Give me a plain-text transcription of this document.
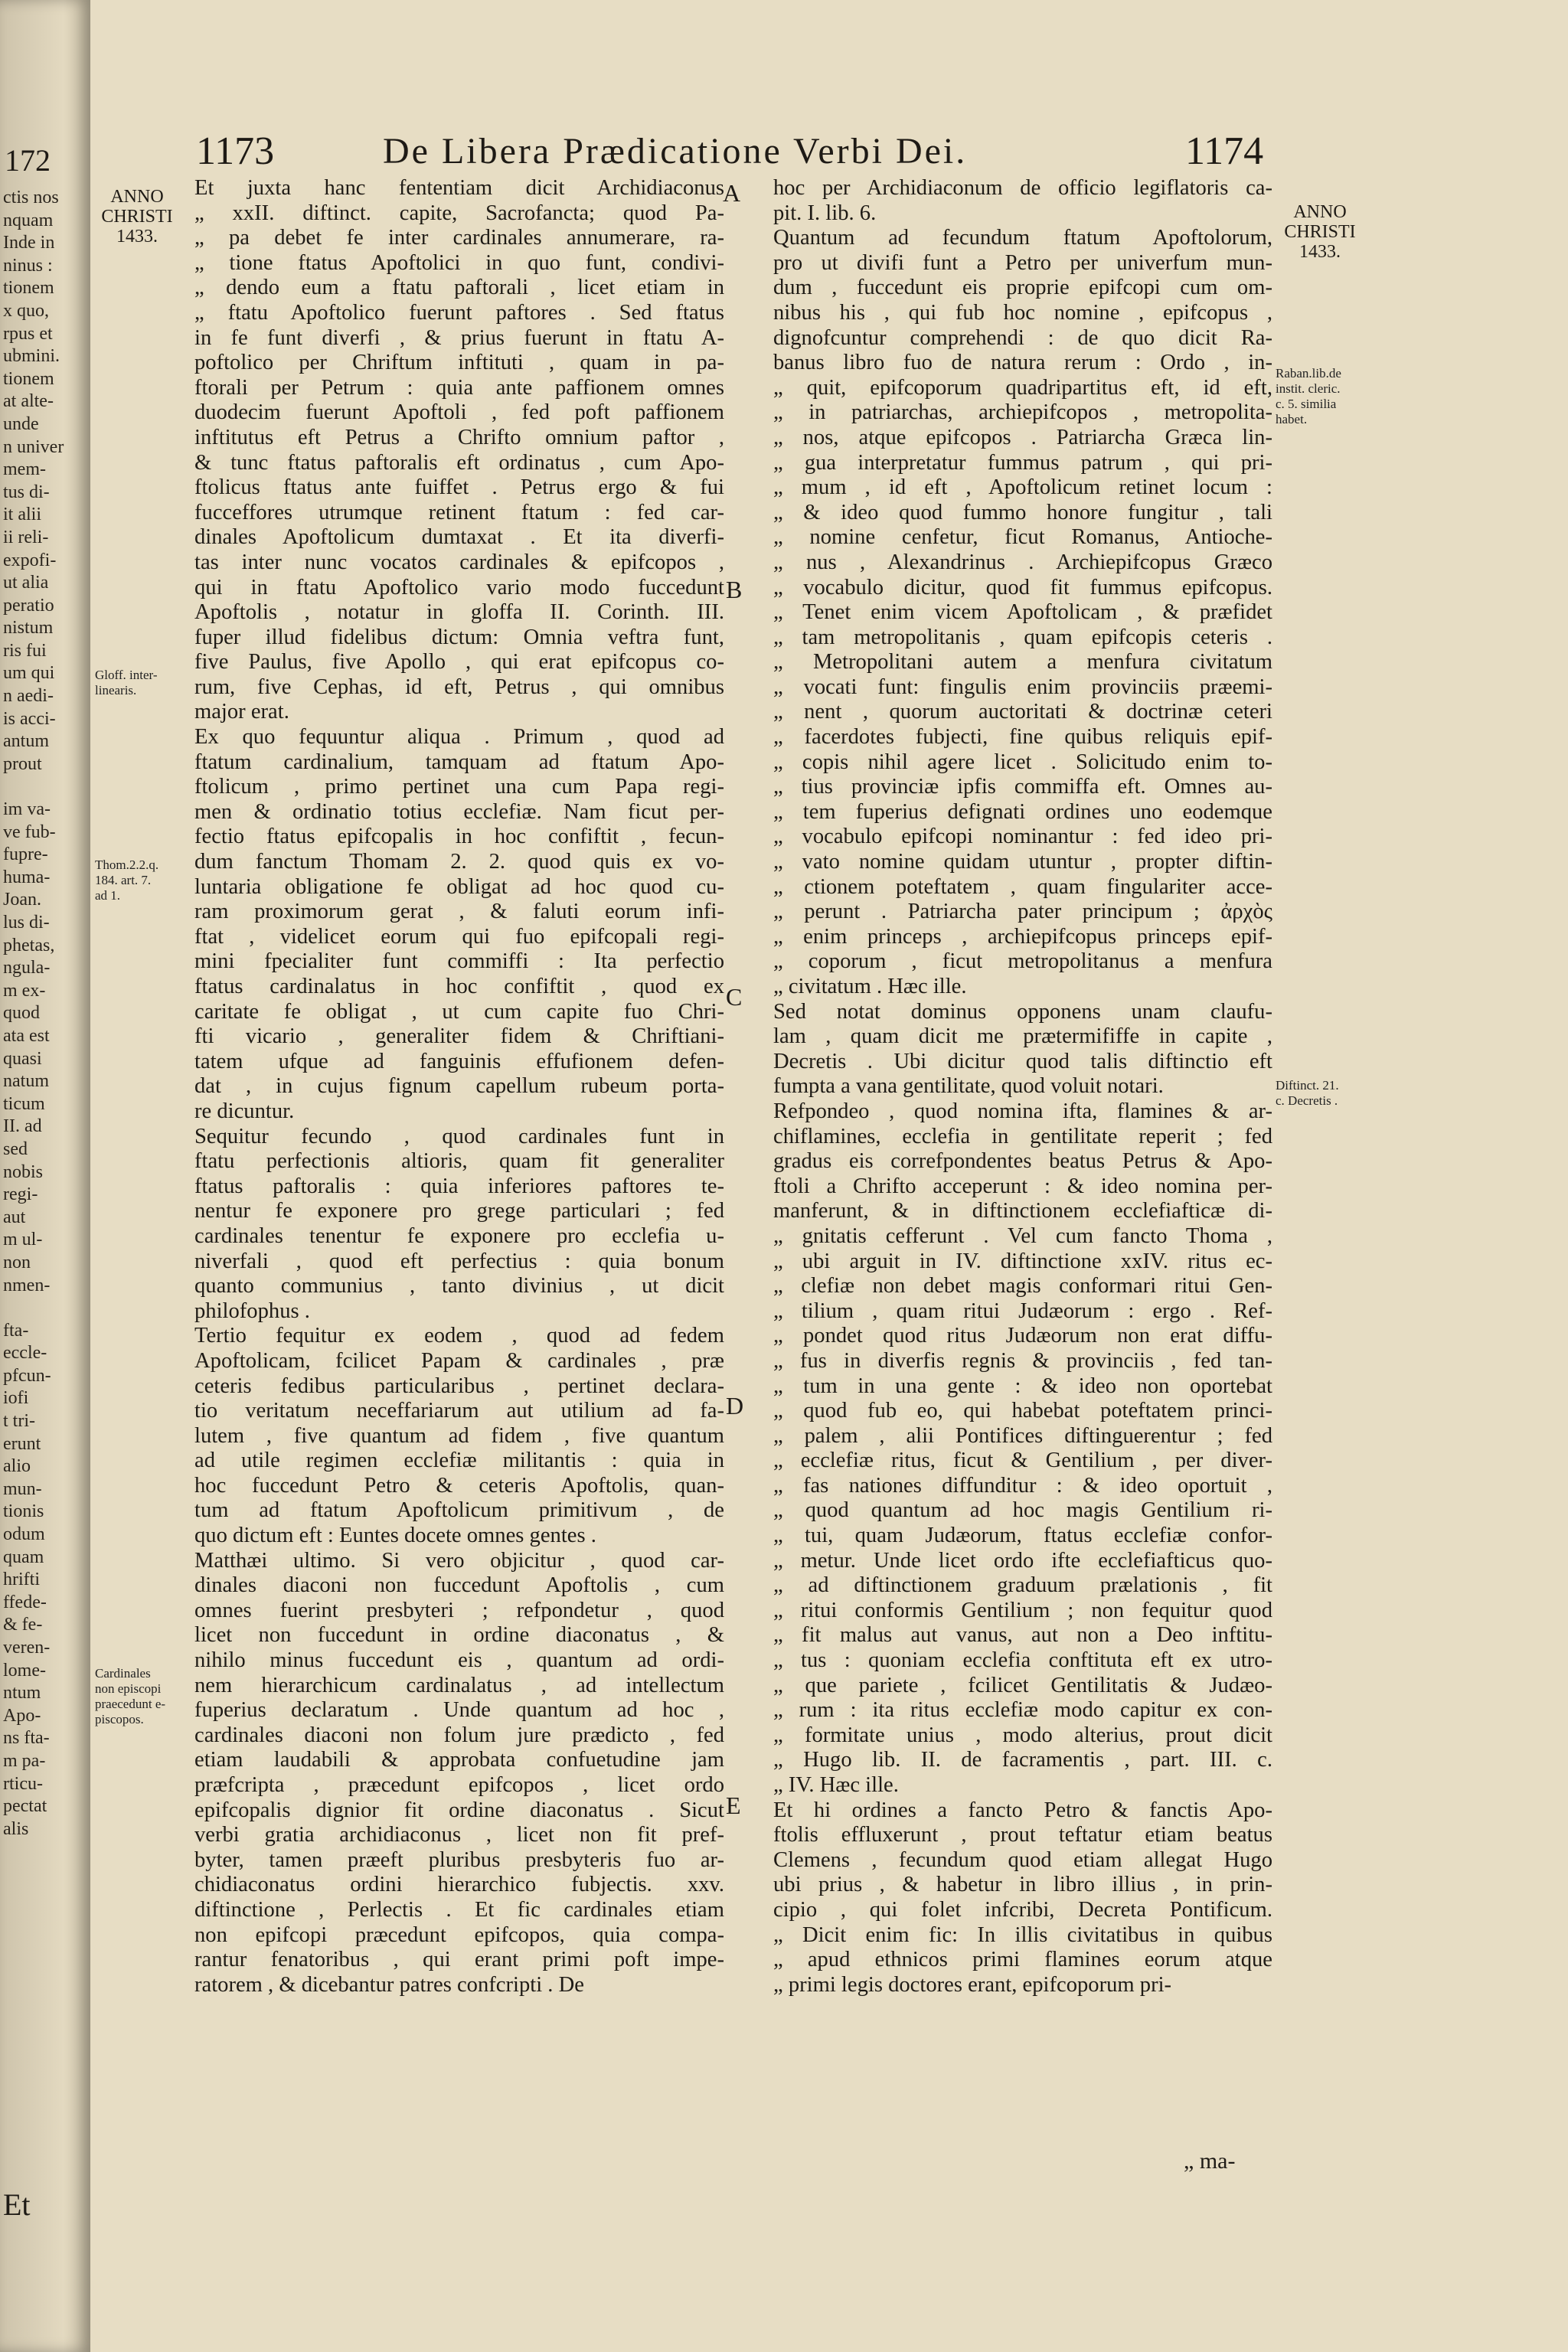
172
ctis nos
nquam
Inde in
ninus :
tionem
x quo,
rpus et
ubmini.
tionem
at alte-
unde
n univer
mem-
tus di-
it alii
ii reli-
expofi-
ut alia
peratio
nistum
ris fui
um qui
n aedi-
is acci-
antum
prout
im va-
ve fub-
fupre-
huma-
Joan.
lus di-
phetas,
ngula-
m ex-
quod
ata est
quasi
natum
ticum
II. ad
sed
nobis
regi-
aut
m ul-
non
nmen-
fta-
eccle-
pfcun-
iofi
t tri-
erunt
alio
mun-
tionis
odum
quam
hrifti
ffede-
& fe-
veren-
lome-
ntum
Apo-
ns fta-
m pa-
rticu-
pectat
alis
Et
1173	De Libera Prædicatione Verbi Dei.	1174
ANNO
CHRISTI
1433.
ANNO
CHRISTI
1433.
Gloff. inter-
linearis.
Thom.2.2.q.
184. art. 7.
ad 1.
Cardinales
non episcopi
praecedunt e-
piscopos.
Raban.lib.de
instit. cleric.
c. 5. similia
habet.
Diftinct. 21.
c. Decretis .
A
B
C
D
E
Et juxta hanc fententiam dicit Archidiaconus
„ xxII. diftinct. capite, Sacrofancta; quod Pa-
„ pa debet fe inter cardinales annumerare, ra-
„ tione ftatus Apoftolici in quo funt, condivi-
„ dendo eum a ftatu paftorali , licet etiam in
„ ftatu Apoftolico fuerunt paftores . Sed ftatus
in fe funt diverfi , & prius fuerunt in ftatu A-
poftolico per Chriftum inftituti , quam in pa-
ftorali per Petrum : quia ante paffionem omnes
duodecim fuerunt Apoftoli , fed poft paffionem
inftitutus eft Petrus a Chrifto omnium paftor ,
& tunc ftatus paftoralis eft ordinatus , cum Apo-
ftolicus ftatus ante fuiffet . Petrus ergo & fui
fucceffores utrumque retinent ftatum : fed car-
dinales Apoftolicum dumtaxat . Et ita diverfi-
tas inter nunc vocatos cardinales & epifcopos ,
qui in ftatu Apoftolico vario modo fuccedunt
Apoftolis , notatur in gloffa II. Corinth. III.
fuper illud fidelibus dictum: Omnia veftra funt,
five Paulus, five Apollo , qui erat epifcopus co-
rum, five Cephas, id eft, Petrus , qui omnibus
major erat.
Ex quo fequuntur aliqua . Primum , quod ad
ftatum cardinalium, tamquam ad ftatum Apo-
ftolicum , primo pertinet una cum Papa regi-
men & ordinatio totius ecclefiæ. Nam ficut per-
fectio ftatus epifcopalis in hoc confiftit , fecun-
dum fanctum Thomam 2. 2. quod quis ex vo-
luntaria obligatione fe obligat ad hoc quod cu-
ram proximorum gerat , & faluti eorum infi-
ftat , videlicet eorum qui fuo epifcopali regi-
mini fpecialiter funt commiffi : Ita perfectio
ftatus cardinalatus in hoc confiftit , quod ex
caritate fe obligat , ut cum capite fuo Chri-
fti vicario , generaliter fidem & Chriftiani-
tatem ufque ad fanguinis effufionem defen-
dat , in cujus fignum capellum rubeum porta-
re dicuntur.
Sequitur fecundo , quod cardinales funt in
ftatu perfectionis altioris, quam fit generaliter
ftatus paftoralis : quia inferiores paftores te-
nentur fe exponere pro grege particulari ; fed
cardinales tenentur fe exponere pro ecclefia u-
niverfali , quod eft perfectius : quia bonum
quanto communius , tanto divinius , ut dicit
philofophus .
Tertio fequitur ex eodem , quod ad fedem
Apoftolicam, fcilicet Papam & cardinales , præ
ceteris fedibus particularibus , pertinet declara-
tio veritatum neceffariarum aut utilium ad fa-
lutem , five quantum ad fidem , five quantum
ad utile regimen ecclefiæ militantis : quia in
hoc fuccedunt Petro & ceteris Apoftolis, quan-
tum ad ftatum Apoftolicum primitivum , de
quo dictum eft : Euntes docete omnes gentes .
Matthæi ultimo. Si vero objicitur , quod car-
dinales diaconi non fuccedunt Apoftolis , cum
omnes fuerint presbyteri ; refpondetur , quod
licet non fuccedunt in ordine diaconatus , &
nihilo minus fuccedunt eis , quantum ad ordi-
nem hierarchicum cardinalatus , ad intellectum
fuperius declaratum . Unde quantum ad hoc ,
cardinales diaconi non folum jure prædicto , fed
etiam laudabili & approbata confuetudine jam
præfcripta , præcedunt epifcopos , licet ordo
epifcopalis dignior fit ordine diaconatus . Sicut
verbi gratia archidiaconus , licet non fit pref-
byter, tamen præeft pluribus presbyteris fuo ar-
chidiaconatus ordini hierarchico fubjectis. xxv.
diftinctione , Perlectis . Et fic cardinales etiam
non epifcopi præcedunt epifcopos, quia compa-
rantur fenatoribus , qui erant primi poft impe-
ratorem , & dicebantur patres confcripti . De
hoc per Archidiaconum de officio legiflatoris ca-
pit. I. lib. 6.
Quantum ad fecundum ftatum Apoftolorum,
pro ut divifi funt a Petro per univerfum mun-
dum , fuccedunt eis proprie epifcopi cum om-
nibus his , qui fub hoc nomine , epifcopus ,
dignofcuntur comprehendi : de quo dicit Ra-
banus libro fuo de natura rerum : Ordo , in-
„ quit, epifcoporum quadripartitus eft, id eft,
„ in patriarchas, archiepifcopos , metropolita-
„ nos, atque epifcopos . Patriarcha Græca lin-
„ gua interpretatur fummus patrum , qui pri-
„ mum , id eft , Apoftolicum retinet locum :
„ & ideo quod fummo honore fungitur , tali
„ nomine cenfetur, ficut Romanus, Antioche-
„ nus , Alexandrinus . Archiepifcopus Græco
„ vocabulo dicitur, quod fit fummus epifcopus.
„ Tenet enim vicem Apoftolicam , & præfidet
„ tam metropolitanis , quam epifcopis ceteris .
„ Metropolitani autem a menfura civitatum
„ vocati funt: fingulis enim provinciis præemi-
„ nent , quorum auctoritati & doctrinæ ceteri
„ facerdotes fubjecti, fine quibus reliquis epif-
„ copis nihil agere licet . Solicitudo enim to-
„ tius provinciæ ipfis commiffa eft. Omnes au-
„ tem fuperius defignati ordines uno eodemque
„ vocabulo epifcopi nominantur : fed ideo pri-
„ vato nomine quidam utuntur , propter diftin-
„ ctionem poteftatem , quam fingulariter acce-
„ perunt . Patriarcha pater principum ; ἀρχὸς
„ enim princeps , archiepifcopus princeps epif-
„ coporum , ficut metropolitanus a menfura
„ civitatum . Hæc ille.
Sed notat dominus opponens unam claufu-
lam , quam dicit me prætermififfe in capite ,
Decretis . Ubi dicitur quod talis diftinctio eft
fumpta a vana gentilitate, quod voluit notari.
Refpondeo , quod nomina ifta, flamines & ar-
chiflamines, ecclefia in gentilitate reperit ; fed
gradus eis correfpondentes beatus Petrus & Apo-
ftoli a Chrifto acceperunt : & ideo nomina per-
manferunt, & in diftinctionem ecclefiafticæ di-
„ gnitatis cefferunt . Vel cum fancto Thoma ,
„ ubi arguit in IV. diftinctione xxIV. ritus ec-
„ clefiæ non debet magis conformari ritui Gen-
„ tilium , quam ritui Judæorum : ergo . Ref-
„ pondet quod ritus Judæorum non erat diffu-
„ fus in diverfis regnis & provinciis , fed tan-
„ tum in una gente : & ideo non oportebat
„ quod fub eo, qui habebat poteftatem princi-
„ palem , alii Pontifices diftinguerentur ; fed
„ ecclefiæ ritus, ficut & Gentilium , per diver-
„ fas nationes diffunditur : & ideo oportuit ,
„ quod quantum ad hoc magis Gentilium ri-
„ tui, quam Judæorum, ftatus ecclefiæ confor-
„ metur. Unde licet ordo ifte ecclefiafticus quo-
„ ad diftinctionem graduum prælationis , fit
„ ritui conformis Gentilium ; non fequitur quod
„ fit malus aut vanus, aut non a Deo inftitu-
„ tus : quoniam ecclefia conftituta eft ex utro-
„ que pariete , fcilicet Gentilitatis & Judæo-
„ rum : ita ritus ecclefiæ modo capitur ex con-
„ formitate unius , modo alterius, prout dicit
„ Hugo lib. II. de facramentis , part. III. c.
„ IV. Hæc ille.
Et hi ordines a fancto Petro & fanctis Apo-
ftolis effluxerunt , prout teftatur etiam beatus
Clemens , fecundum quod etiam allegat Hugo
ubi prius , & habetur in libro illius , in prin-
cipio , qui folet infcribi, Decreta Pontificum.
„ Dicit enim fic: In illis civitatibus in quibus
„ apud ethnicos primi flamines eorum atque
„ primi legis doctores erant, epifcoporum pri-
„ ma-
